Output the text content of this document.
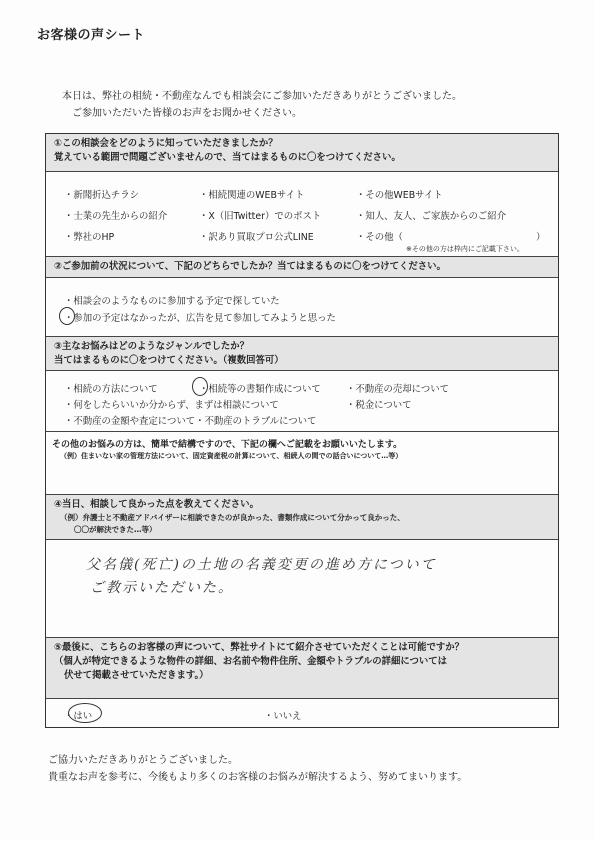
お客様の声シート
本日は、弊社の相続・不動産なんでも相談会にご参加いただきありがとうございました。
ご参加いただいた皆様のお声をお聞かせください。
①この相談会をどのように知っていただきましたか？
覚えている範囲で問題ございませんので、当てはまるものに〇をつけてください。
・新聞折込チラシ	・相続関連のWEBサイト	・その他WEBサイト
・士業の先生からの紹介	・X（旧Twitter）でのポスト	・知人、友人、ご家族からのご紹介
・弊社のHP	・訳あり買取プロ公式LINE	・その他（	）
※その他の方は枠内にご記載下さい。
②ご参加前の状況について、下記のどちらでしたか？当てはまるものに〇をつけてください。
・相談会のようなものに参加する予定で探していた
・参加の予定はなかったが、広告を見て参加してみようと思った
③主なお悩みはどのようなジャンルでしたか？
当てはまるものに〇をつけてください。（複数回答可）
・相続の方法について	・相続等の書類作成について	・不動産の売却について
・何をしたらいいか分からず、まずは相談について	・税金について
・不動産の金額や査定について・不動産のトラブルについて
その他のお悩みの方は、簡単で結構ですので、下記の欄へご記載をお願いいたします。
（例）住まいない家の管理方法について、固定資産税の計算について、相続人の間での話合いについて…等）
④当日、相談して良かった点を教えてください。
（例）弁護士と不動産アドバイザーに相談できたのが良かった、書類作成について分かって良かった、
〇〇が解決できた…等）
父名儀(死亡)の土地の名義変更の進め方について
ご教示いただいた。
⑤最後に、こちらのお客様の声について、弊社サイトにて紹介させていただくことは可能ですか？
（個人が特定できるような物件の詳細、お名前や物件住所、金額やトラブルの詳細については
伏せて掲載させていただきます。）
・はい	・いいえ
ご協力いただきありがとうございました。
貴重なお声を参考に、今後もより多くのお客様のお悩みが解決するよう、努めてまいります。
